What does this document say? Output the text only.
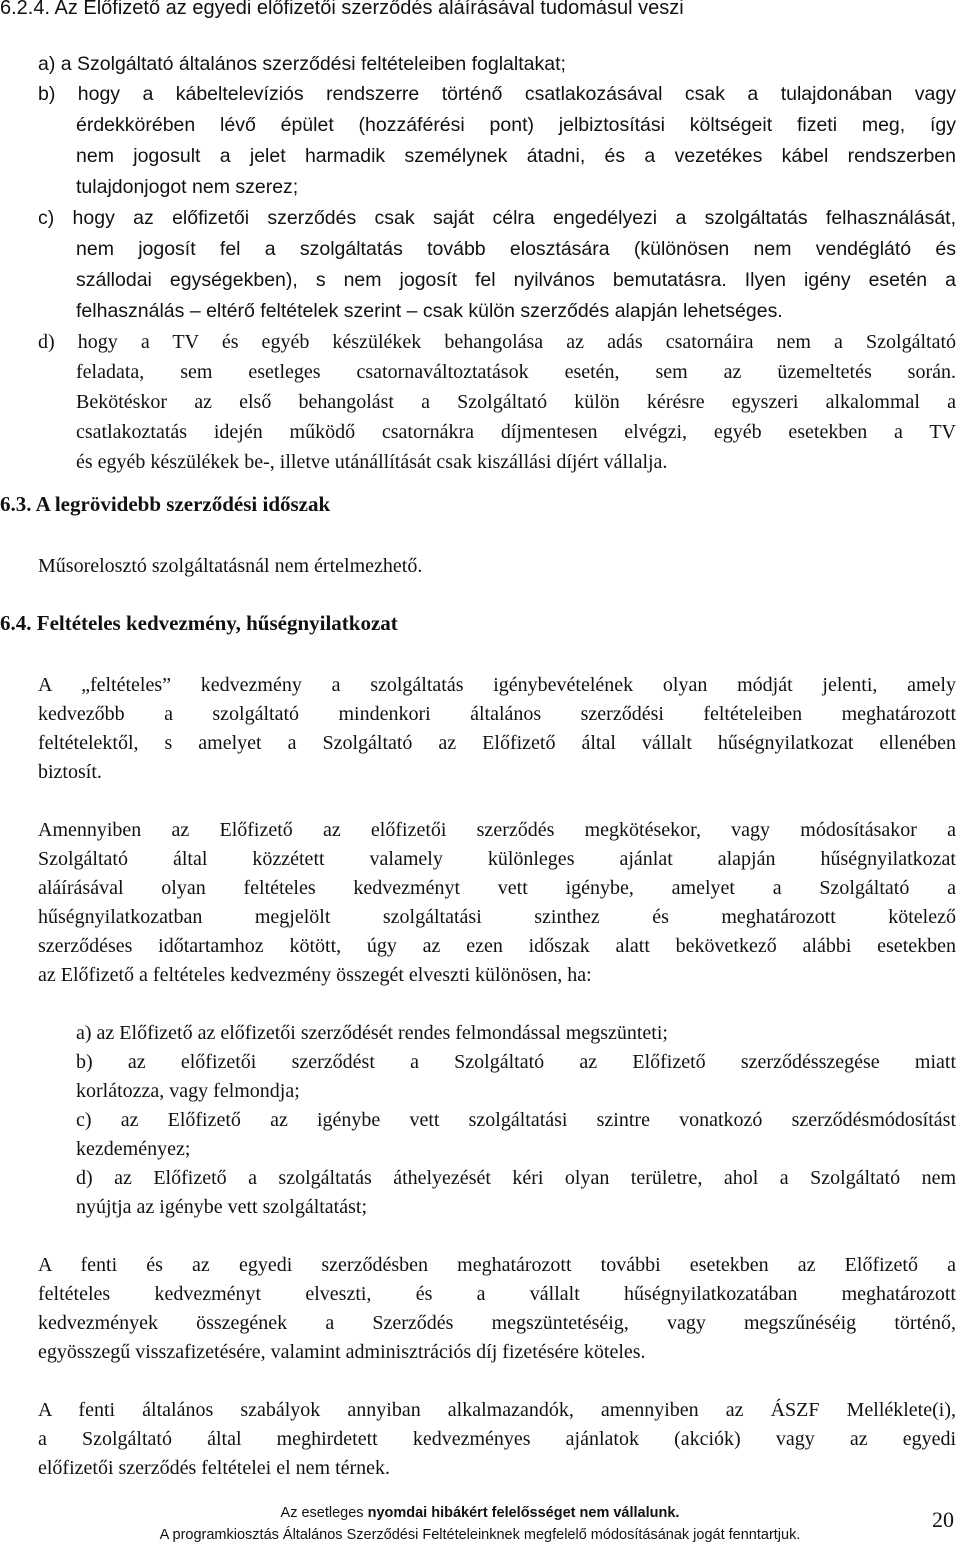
6.2.4. Az Előfizető az egyedi előfizetői szerződés aláírásával tudomásul veszi
a) a Szolgáltató általános szerződési feltételeiben foglaltakat;
b) hogy a kábeltelevíziós rendszerre történő csatlakozásával csak a tulajdonában vagy
érdekkörében lévő épület (hozzáférési pont) jelbiztosítási költségeit fizeti meg, így
nem jogosult a jelet harmadik személynek átadni, és a vezetékes kábel rendszerben
tulajdonjogot nem szerez;
c) hogy az előfizetői szerződés csak saját célra engedélyezi a szolgáltatás felhasználását,
nem jogosít fel a szolgáltatás tovább elosztására (különösen nem vendéglátó és
szállodai egységekben), s nem jogosít fel nyilvános bemutatásra. Ilyen igény esetén a
felhasználás – eltérő feltételek szerint – csak külön szerződés alapján lehetséges.
d) hogy a TV és egyéb készülékek behangolása az adás csatornáira nem a Szolgáltató
feladata, sem esetleges csatornaváltoztatások esetén, sem az üzemeltetés során.
Bekötéskor az első behangolást a Szolgáltató külön kérésre egyszeri alkalommal a
csatlakoztatás idején működő csatornákra díjmentesen elvégzi, egyéb esetekben a TV
és egyéb készülékek be-, illetve utánállítását csak kiszállási díjért vállalja.
6.3. A legrövidebb szerződési időszak
Műsorelosztó szolgáltatásnál nem értelmezhető.
6.4. Feltételes kedvezmény, hűségnyilatkozat
A „feltételes” kedvezmény a szolgáltatás igénybevételének olyan módját jelenti, amely
kedvezőbb a szolgáltató mindenkori általános szerződési feltételeiben meghatározott
feltételektől, s amelyet a Szolgáltató az Előfizető által vállalt hűségnyilatkozat ellenében
biztosít.
Amennyiben az Előfizető az előfizetői szerződés megkötésekor, vagy módosításakor a
Szolgáltató által közzétett valamely különleges ajánlat alapján hűségnyilatkozat
aláírásával olyan feltételes kedvezményt vett igénybe, amelyet a Szolgáltató a
hűségnyilatkozatban megjelölt szolgáltatási szinthez és meghatározott kötelező
szerződéses időtartamhoz kötött, úgy az ezen időszak alatt bekövetkező alábbi esetekben
az Előfizető a feltételes kedvezmény összegét elveszti különösen, ha:
a) az Előfizető az előfizetői szerződését rendes felmondással megszünteti;
b) az előfizetői szerződést a Szolgáltató az Előfizető szerződésszegése miatt
korlátozza, vagy felmondja;
c) az Előfizető az igénybe vett szolgáltatási szintre vonatkozó szerződésmódosítást
kezdeményez;
d) az Előfizető a szolgáltatás áthelyezését kéri olyan területre, ahol a Szolgáltató nem
nyújtja az igénybe vett szolgáltatást;
A fenti és az egyedi szerződésben meghatározott további esetekben az Előfizető a
feltételes kedvezményt elveszti, és a vállalt hűségnyilatkozatában meghatározott
kedvezmények összegének a Szerződés megszüntetéséig, vagy megszűnéséig történő,
egyösszegű visszafizetésére, valamint adminisztrációs díj fizetésére köteles.
A fenti általános szabályok annyiban alkalmazandók, amennyiben az ÁSZF Melléklete(i),
a Szolgáltató által meghirdetett kedvezményes ajánlatok (akciók) vagy az egyedi
előfizetői szerződés feltételei el nem térnek.
Az esetleges nyomdai hibákért felelősséget nem vállalunk.
A programkiosztás Általános Szerződési Feltételeinknek megfelelő módosításának jogát fenntartjuk.
20
